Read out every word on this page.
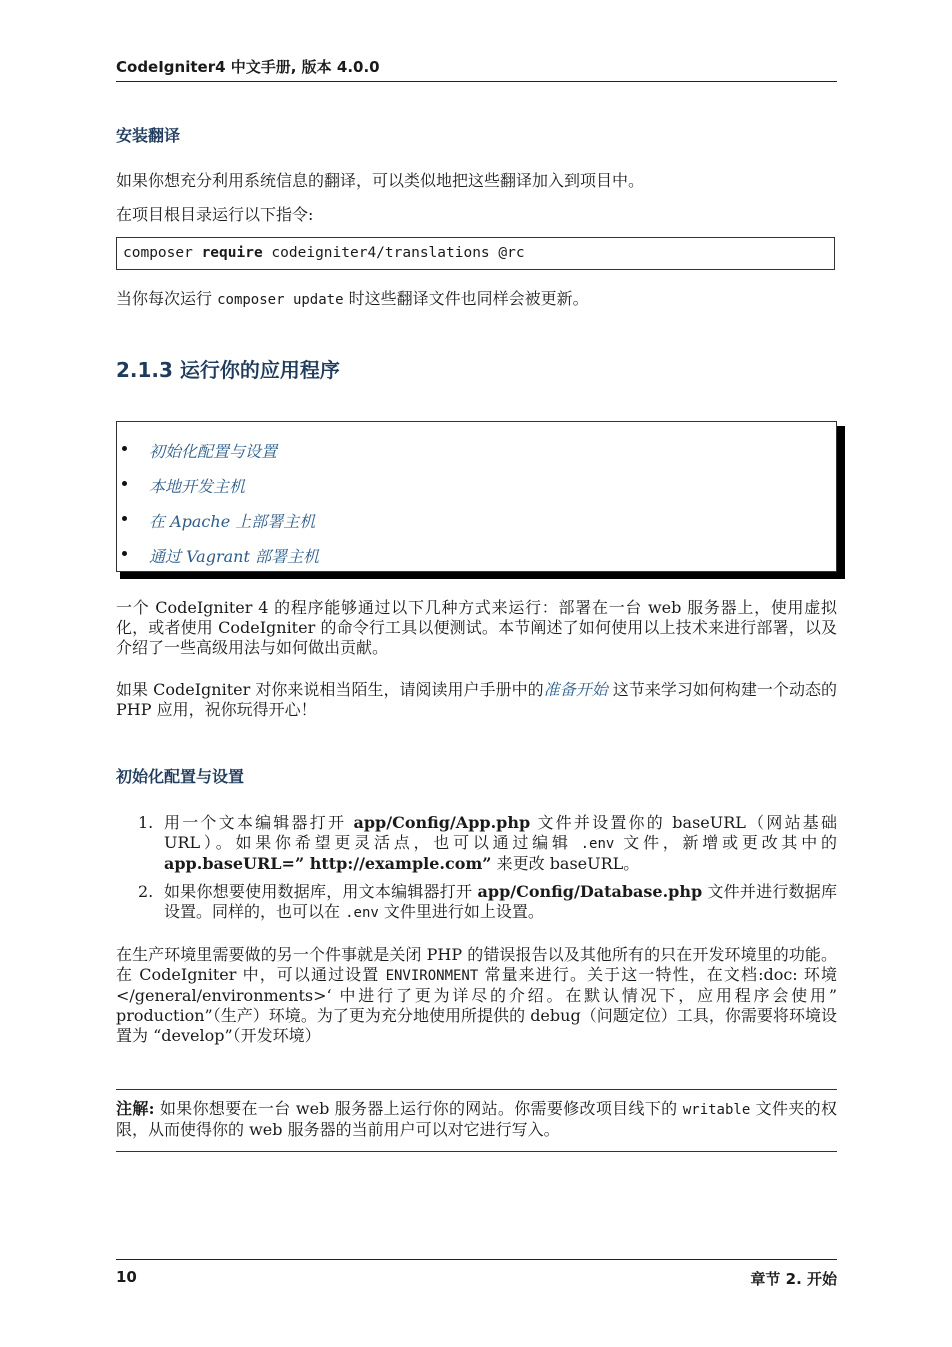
CodeIgniter4 中文手册, 版本 4.0.0
安装翻译
如果你想充分利用系统信息的翻译，可以类似地把这些翻译加入到项目中。
在项目根目录运行以下指令:
composer require codeigniter4/translations @rc
当你每次运行 composer update 时这些翻译文件也同样会被更新。
2.1.3 运行你的应用程序
初始化配置与设置
本地开发主机
在 Apache 上部署主机
通过 Vagrant 部署主机
一个 CodeIgniter 4 的程序能够通过以下几种方式来运行：部署在一台 web 服务器上，使用虚拟化，或者使用 CodeIgniter 的命令行工具以便测试。本节阐述了如何使用以上技术来进行部署，以及介绍了一些高级用法与如何做出贡献。
如果 CodeIgniter 对你来说相当陌生，请阅读用户手册中的准备开始 这节来学习如何构建一个动态的 PHP 应用，祝你玩得开心！
初始化配置与设置
1. 用一个文本编辑器打开 app/Config/App.php 文件并设置你的 baseURL（网站基础 URL）。如果你希望更灵活点，也可以通过编辑 .env 文件，新增或更改其中的 app.baseURL=” http://example.com” 来更改 baseURL。
2. 如果你想要使用数据库，用文本编辑器打开 app/Config/Database.php 文件并进行数据库设置。同样的，也可以在 .env 文件里进行如上设置。
在生产环境里需要做的另一个件事就是关闭 PHP 的错误报告以及其他所有的只在开发环境里的功能。在 CodeIgniter 中，可以通过设置 ENVIRONMENT 常量来进行。关于这一特性，在文档:doc: 环境 </general/environments>‘ 中进行了更为详尽的介绍。在默认情况下，应用程序会使用” production”（生产）环境。为了更为充分地使用所提供的 debug（问题定位）工具，你需要将环境设置为 “develop”（开发环境）
注解: 如果你想要在一台 web 服务器上运行你的网站。你需要修改项目线下的 writable 文件夹的权限，从而使得你的 web 服务器的当前用户可以对它进行写入。
10	章节 2. 开始
